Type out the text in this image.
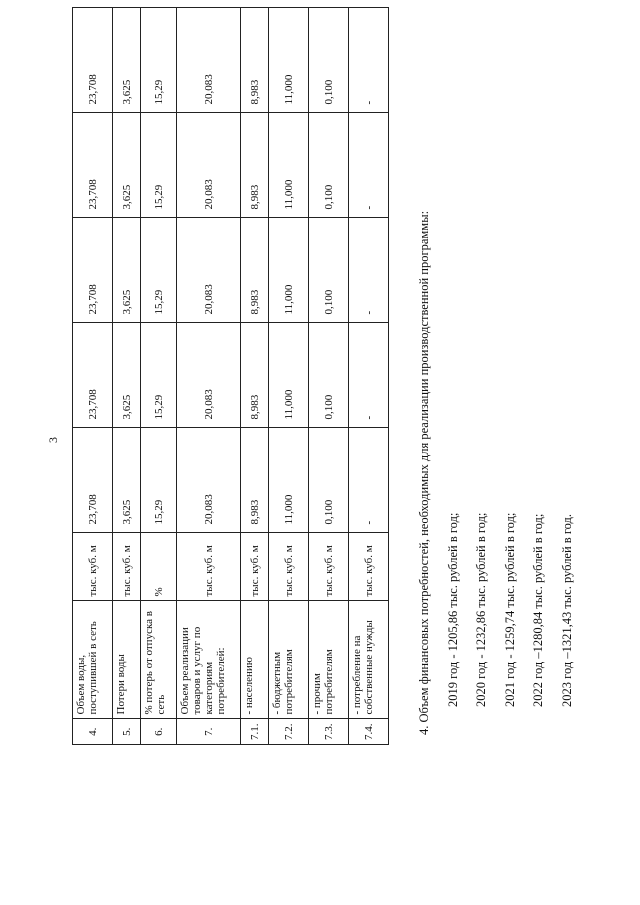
3
4.	Объем воды, поступившей в сеть	тыс. куб. м	23,708	23,708	23,708	23,708	23,708
5.	Потери воды	тыс. куб. м	3,625	3,625	3,625	3,625	3,625
6.	% потерь от отпуска в сеть	%	15,29	15,29	15,29	15,29	15,29
7.	Объем реализации товаров и услуг по категориям потребителей:	тыс. куб. м	20,083	20,083	20,083	20,083	20,083
7.1.	- населению	тыс. куб. м	8,983	8,983	8,983	8,983	8,983
7.2.	- бюджетным потребителям	тыс. куб. м	11,000	11,000	11,000	11,000	11,000
7.3.	- прочим потребителям	тыс. куб. м	0,100	0,100	0,100	0,100	0,100
7.4.	- потребление на собственные нужды	тыс. куб. м	-	-	-	-	-
4. Объем финансовых потребностей, необходимых для реализации производственной программы:	2019 год - 1205,86 тыс. рублей в год;	2020 год - 1232,86 тыс. рублей в год;	2021 год - 1259,74 тыс. рублей в год;	2022 год –1280,84 тыс. рублей в год;	2023 год –1321,43 тыс. рублей в год.
